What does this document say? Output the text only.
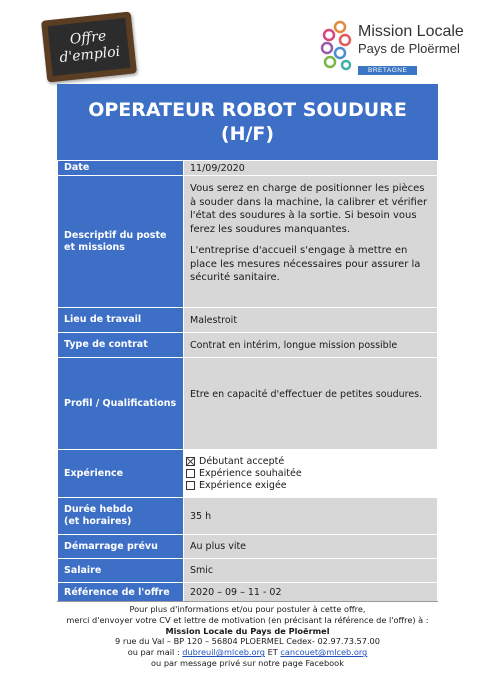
Offre
d'emploi
Mission Locale
Pays de Ploërmel
BRETAGNE
OPERATEUR ROBOT SOUDURE
(H/F)
Date	11/09/2020
Descriptif du poste et missions	Vous serez en charge de positionner les pièces à souder dans la machine, la calibrer et vérifier l'état des soudures à la sortie. Si besoin vous ferez les soudures manquantes.

L'entreprise d'accueil s'engage à mettre en place les mesures nécessaires pour assurer la sécurité sanitaire.

Lieu de travail	Malestroit
Type de contrat	Contrat en intérim, longue mission possible
Profil / Qualifications	Etre en capacité d'effectuer de petites soudures.
Expérience	Débutant accepté
Expérience souhaitée
Expérience exigée

Durée hebdo
(et horaires)	35 h
Démarrage prévu	Au plus vite
Salaire	Smic
Référence de l'offre	2020 – 09 – 11 - 02
Pour plus d'informations et/ou pour postuler à cette offre,
merci d'envoyer votre CV et lettre de motivation (en précisant la référence de l'offre) à :
Mission Locale du Pays de Ploërmel
9 rue du Val – BP 120 – 56804 PLOERMEL Cedex- 02.97.73.57.00
ou par mail : dubreuil@mlceb.org ET cancouet@mlceb.org
ou par message privé sur notre page Facebook
